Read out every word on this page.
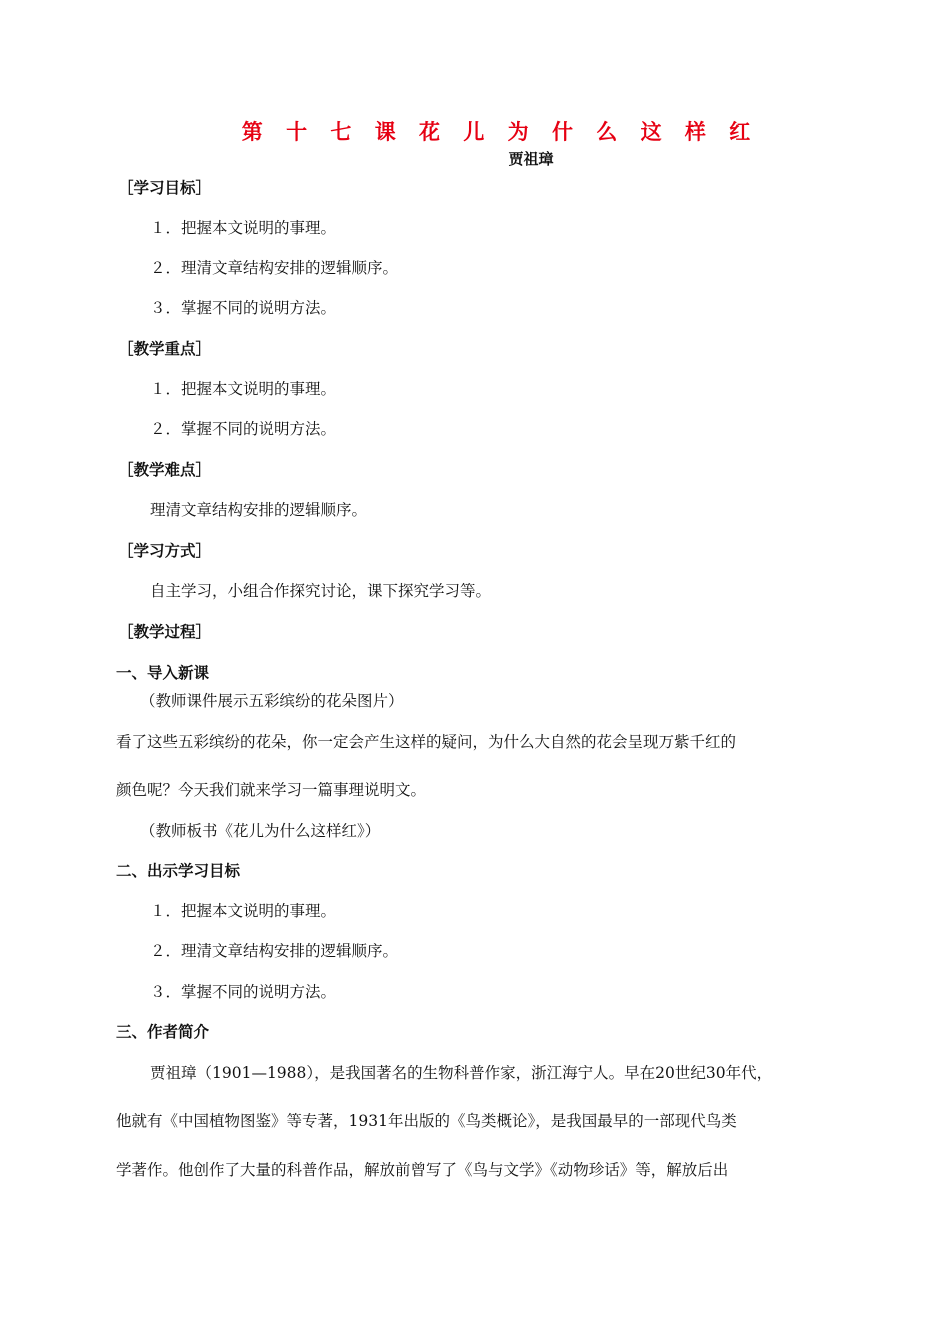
第 十 七 课 花 儿 为 什 么 这 样 红
贾祖璋
［学习目标］
１．把握本文说明的事理。
２．理清文章结构安排的逻辑顺序。
３．掌握不同的说明方法。
［教学重点］
１．把握本文说明的事理。
２．掌握不同的说明方法。
［教学难点］
理清文章结构安排的逻辑顺序。
［学习方式］
自主学习，小组合作探究讨论，课下探究学习等。
［教学过程］
一、导入新课
（教师课件展示五彩缤纷的花朵图片）
看了这些五彩缤纷的花朵，你一定会产生这样的疑问，为什么大自然的花会呈现万紫千红的
颜色呢？今天我们就来学习一篇事理说明文。
（教师板书《花儿为什么这样红》）
二、出示学习目标
１．把握本文说明的事理。
２．理清文章结构安排的逻辑顺序。
３．掌握不同的说明方法。
三、作者简介
贾祖璋（1901—1988），是我国著名的生物科普作家，浙江海宁人。早在20世纪30年代，
他就有《中国植物图鉴》等专著，1931年出版的《鸟类概论》，是我国最早的一部现代鸟类
学著作。他创作了大量的科普作品，解放前曾写了《鸟与文学》《动物珍话》等，解放后出
